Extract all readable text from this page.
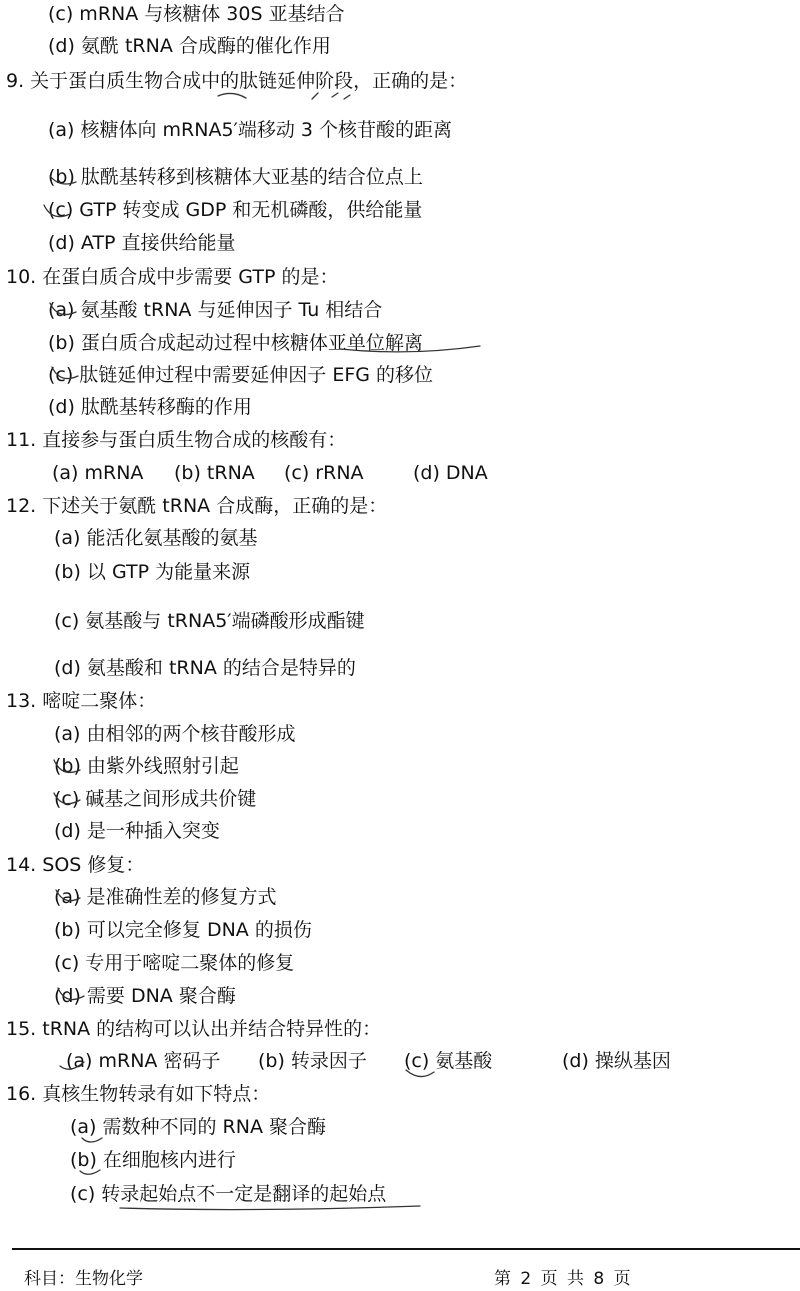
(c) mRNA 与核糖体 30S 亚基结合
(d) 氨酰 tRNA 合成酶的催化作用
9. 关于蛋白质生物合成中的肽链延伸阶段，正确的是：
(a) 核糖体向 mRNA5′端移动 3 个核苷酸的距离
(b) 肽酰基转移到核糖体大亚基的结合位点上
(c) GTP 转变成 GDP 和无机磷酸，供给能量
(d) ATP 直接供给能量
10. 在蛋白质合成中步需要 GTP 的是：
(a) 氨基酸 tRNA 与延伸因子 Tu 相结合
(b) 蛋白质合成起动过程中核糖体亚单位解离
(c) 肽链延伸过程中需要延伸因子 EFG 的移位
(d) 肽酰基转移酶的作用
11. 直接参与蛋白质生物合成的核酸有：
(a) mRNA (b) tRNA (c) rRNA	(d) DNA
12. 下述关于氨酰 tRNA 合成酶，正确的是：
(a) 能活化氨基酸的氨基
(b) 以 GTP 为能量来源
(c) 氨基酸与 tRNA5′端磷酸形成酯键
(d) 氨基酸和 tRNA 的结合是特异的
13. 嘧啶二聚体：
(a) 由相邻的两个核苷酸形成
(b) 由紫外线照射引起
(c) 碱基之间形成共价键
(d) 是一种插入突变
14. SOS 修复：
(a) 是准确性差的修复方式
(b) 可以完全修复 DNA 的损伤
(c) 专用于嘧啶二聚体的修复
(d) 需要 DNA 聚合酶
15. tRNA 的结构可以认出并结合特异性的：
(a) mRNA 密码子 (b) 转录因子 (c) 氨基酸	(d) 操纵基因
16. 真核生物转录有如下特点：
(a) 需数种不同的 RNA 聚合酶
(b) 在细胞核内进行
(c) 转录起始点不一定是翻译的起始点
科目：生物化学	第 2 页 共 8 页
